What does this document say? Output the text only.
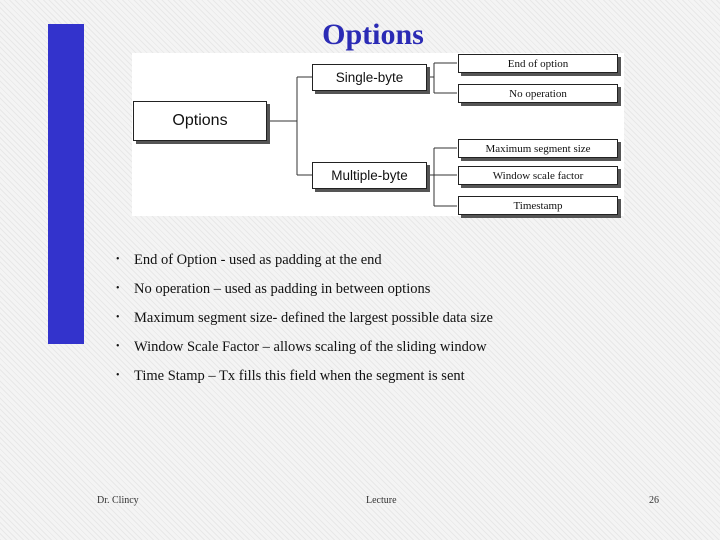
Options
Options
Single-byte
Multiple-byte
End of option
No operation
Maximum segment size
Window scale factor
Timestamp
• End of Option - used as padding at the end
• No operation – used as padding in between options
• Maximum segment size- defined the largest possible data size
• Window Scale Factor – allows scaling of the sliding window
• Time Stamp – Tx fills this field when the segment is sent
Dr. Clincy	Lecture	26
